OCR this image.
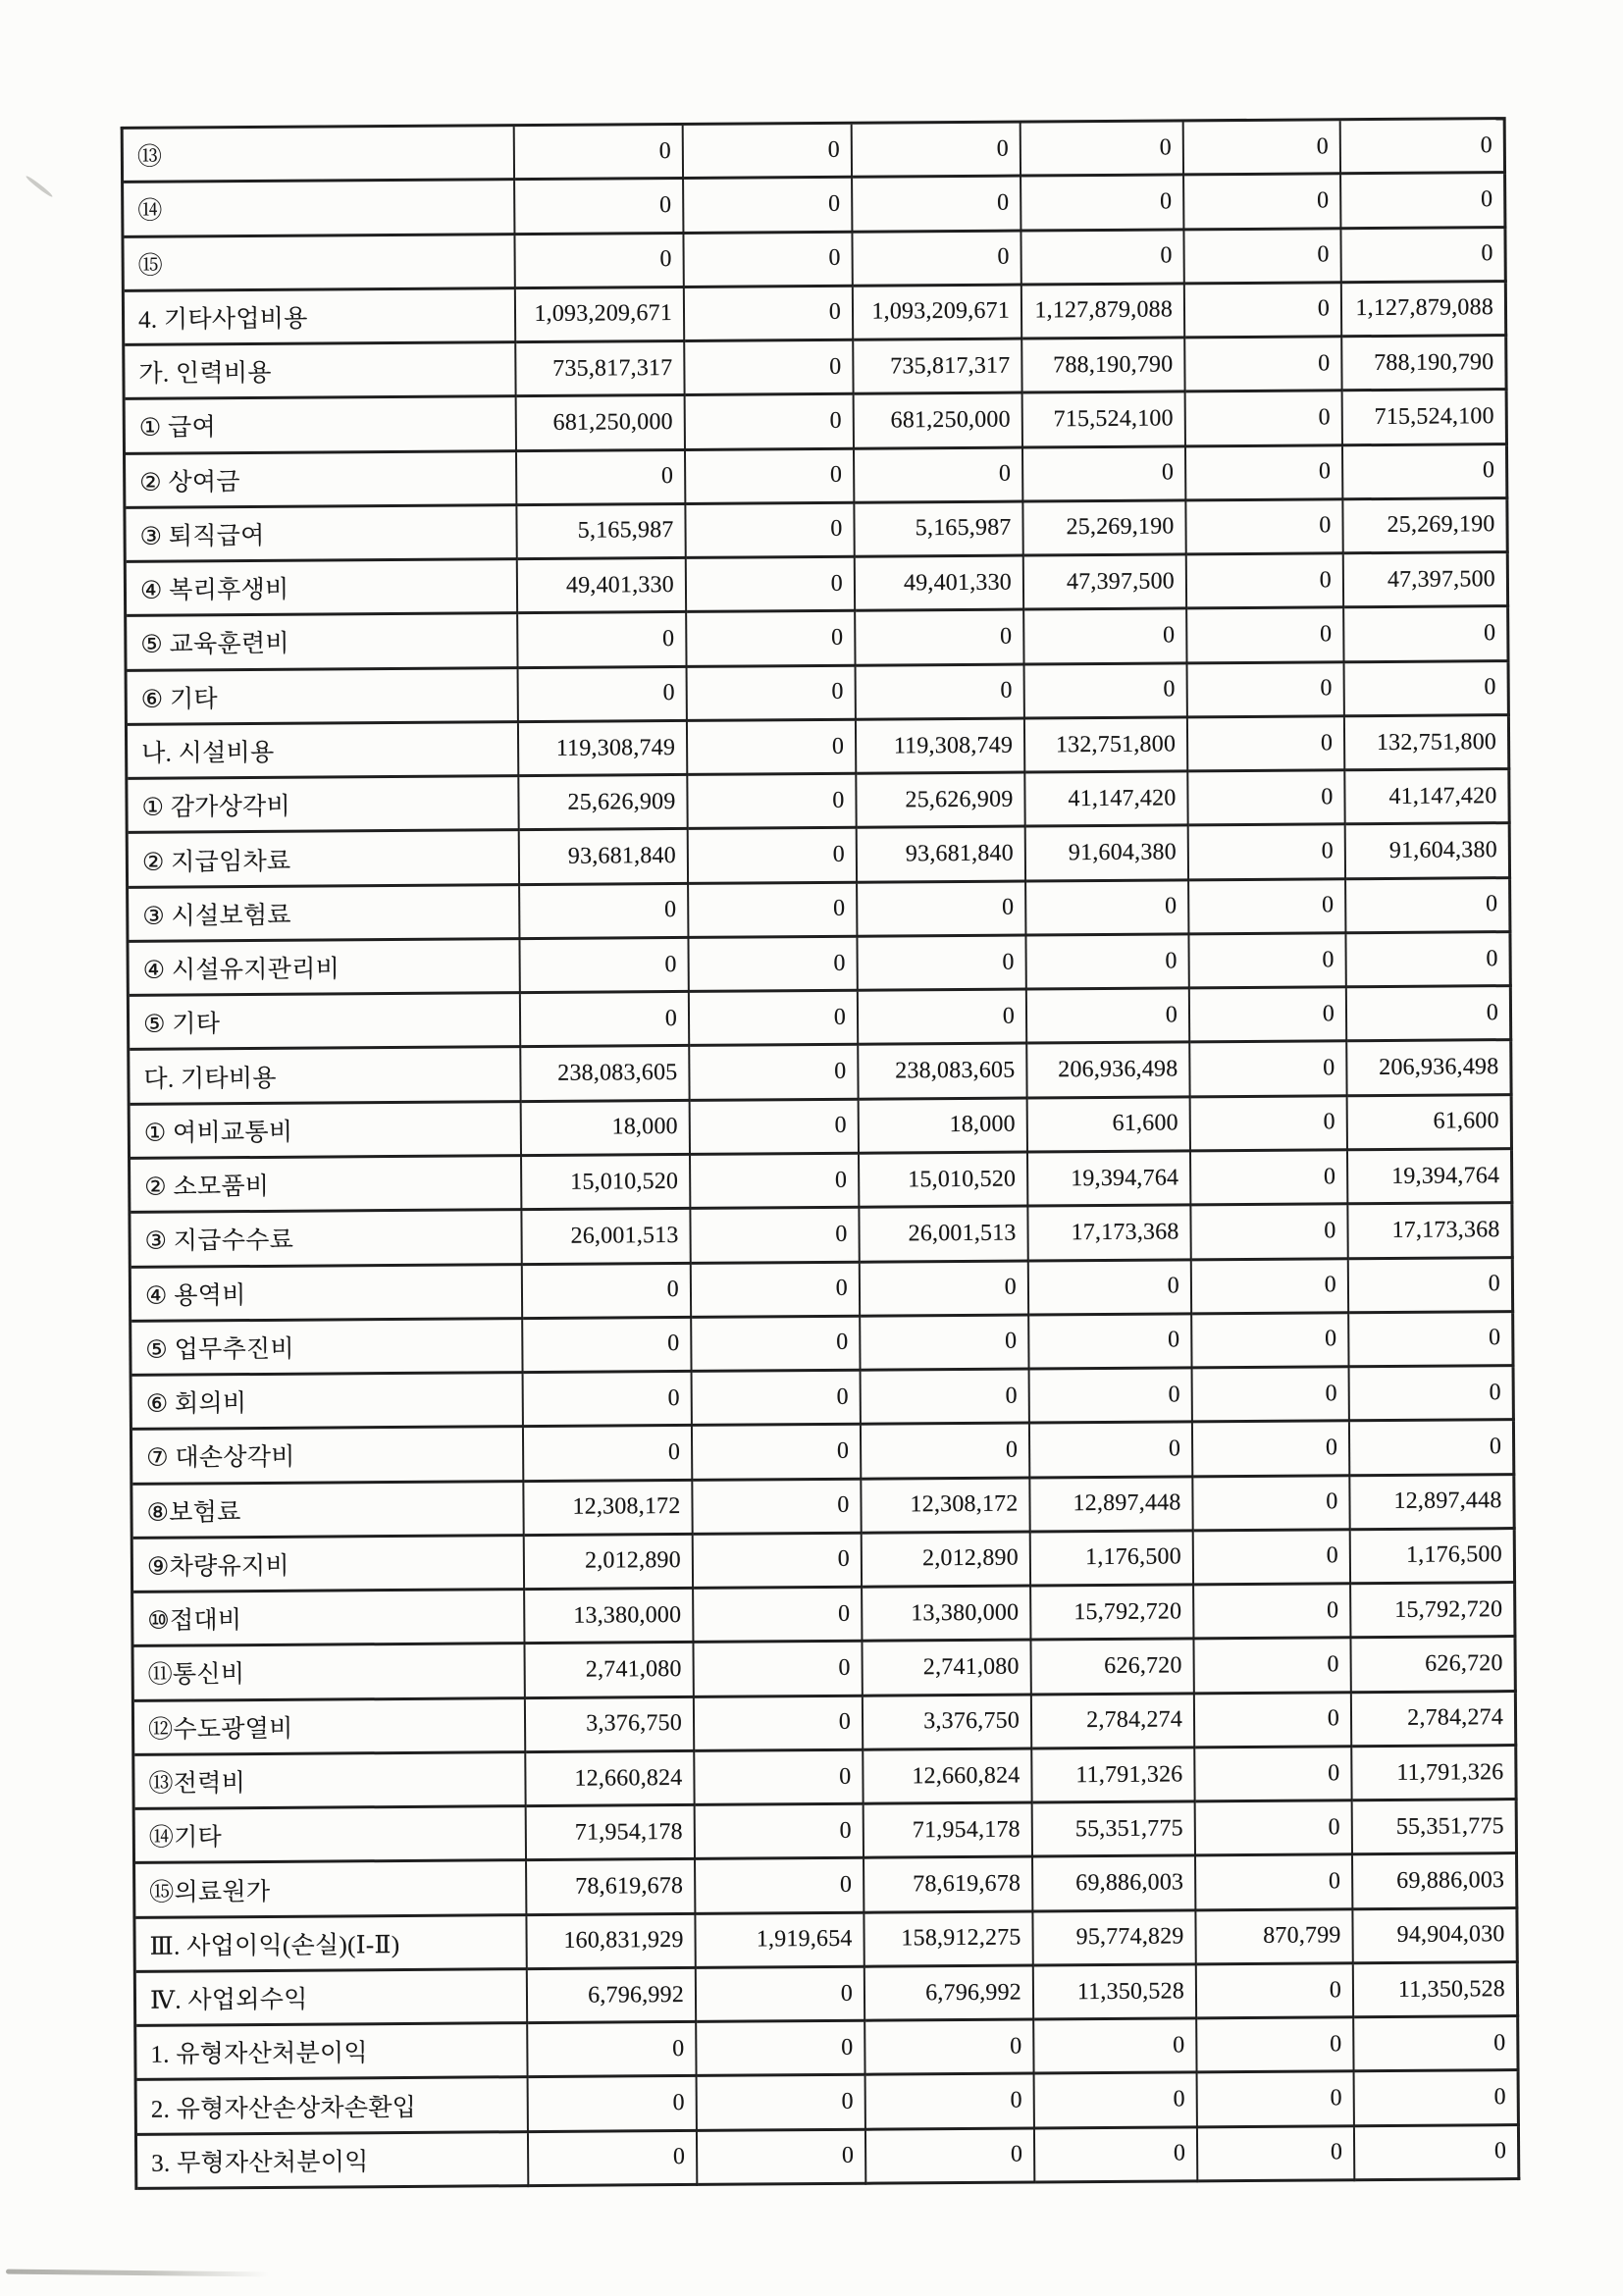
⑬	0	0	0	0	0	0
⑭	0	0	0	0	0	0
⑮	0	0	0	0	0	0
4. 기타사업비용	1,093,209,671	0	1,093,209,671	1,127,879,088	0	1,127,879,088
가. 인력비용	735,817,317	0	735,817,317	788,190,790	0	788,190,790
① 급여	681,250,000	0	681,250,000	715,524,100	0	715,524,100
② 상여금	0	0	0	0	0	0
③ 퇴직급여	5,165,987	0	5,165,987	25,269,190	0	25,269,190
④ 복리후생비	49,401,330	0	49,401,330	47,397,500	0	47,397,500
⑤ 교육훈련비	0	0	0	0	0	0
⑥ 기타	0	0	0	0	0	0
나. 시설비용	119,308,749	0	119,308,749	132,751,800	0	132,751,800
① 감가상각비	25,626,909	0	25,626,909	41,147,420	0	41,147,420
② 지급임차료	93,681,840	0	93,681,840	91,604,380	0	91,604,380
③ 시설보험료	0	0	0	0	0	0
④ 시설유지관리비	0	0	0	0	0	0
⑤ 기타	0	0	0	0	0	0
다. 기타비용	238,083,605	0	238,083,605	206,936,498	0	206,936,498
① 여비교통비	18,000	0	18,000	61,600	0	61,600
② 소모품비	15,010,520	0	15,010,520	19,394,764	0	19,394,764
③ 지급수수료	26,001,513	0	26,001,513	17,173,368	0	17,173,368
④ 용역비	0	0	0	0	0	0
⑤ 업무추진비	0	0	0	0	0	0
⑥ 회의비	0	0	0	0	0	0
⑦ 대손상각비	0	0	0	0	0	0
⑧보험료	12,308,172	0	12,308,172	12,897,448	0	12,897,448
⑨차량유지비	2,012,890	0	2,012,890	1,176,500	0	1,176,500
⑩접대비	13,380,000	0	13,380,000	15,792,720	0	15,792,720
⑪통신비	2,741,080	0	2,741,080	626,720	0	626,720
⑫수도광열비	3,376,750	0	3,376,750	2,784,274	0	2,784,274
⑬전력비	12,660,824	0	12,660,824	11,791,326	0	11,791,326
⑭기타	71,954,178	0	71,954,178	55,351,775	0	55,351,775
⑮의료원가	78,619,678	0	78,619,678	69,886,003	0	69,886,003
Ⅲ. 사업이익(손실)(Ⅰ-Ⅱ)	160,831,929	1,919,654	158,912,275	95,774,829	870,799	94,904,030
Ⅳ. 사업외수익	6,796,992	0	6,796,992	11,350,528	0	11,350,528
1. 유형자산처분이익	0	0	0	0	0	0
2. 유형자산손상차손환입	0	0	0	0	0	0
3. 무형자산처분이익	0	0	0	0	0	0
